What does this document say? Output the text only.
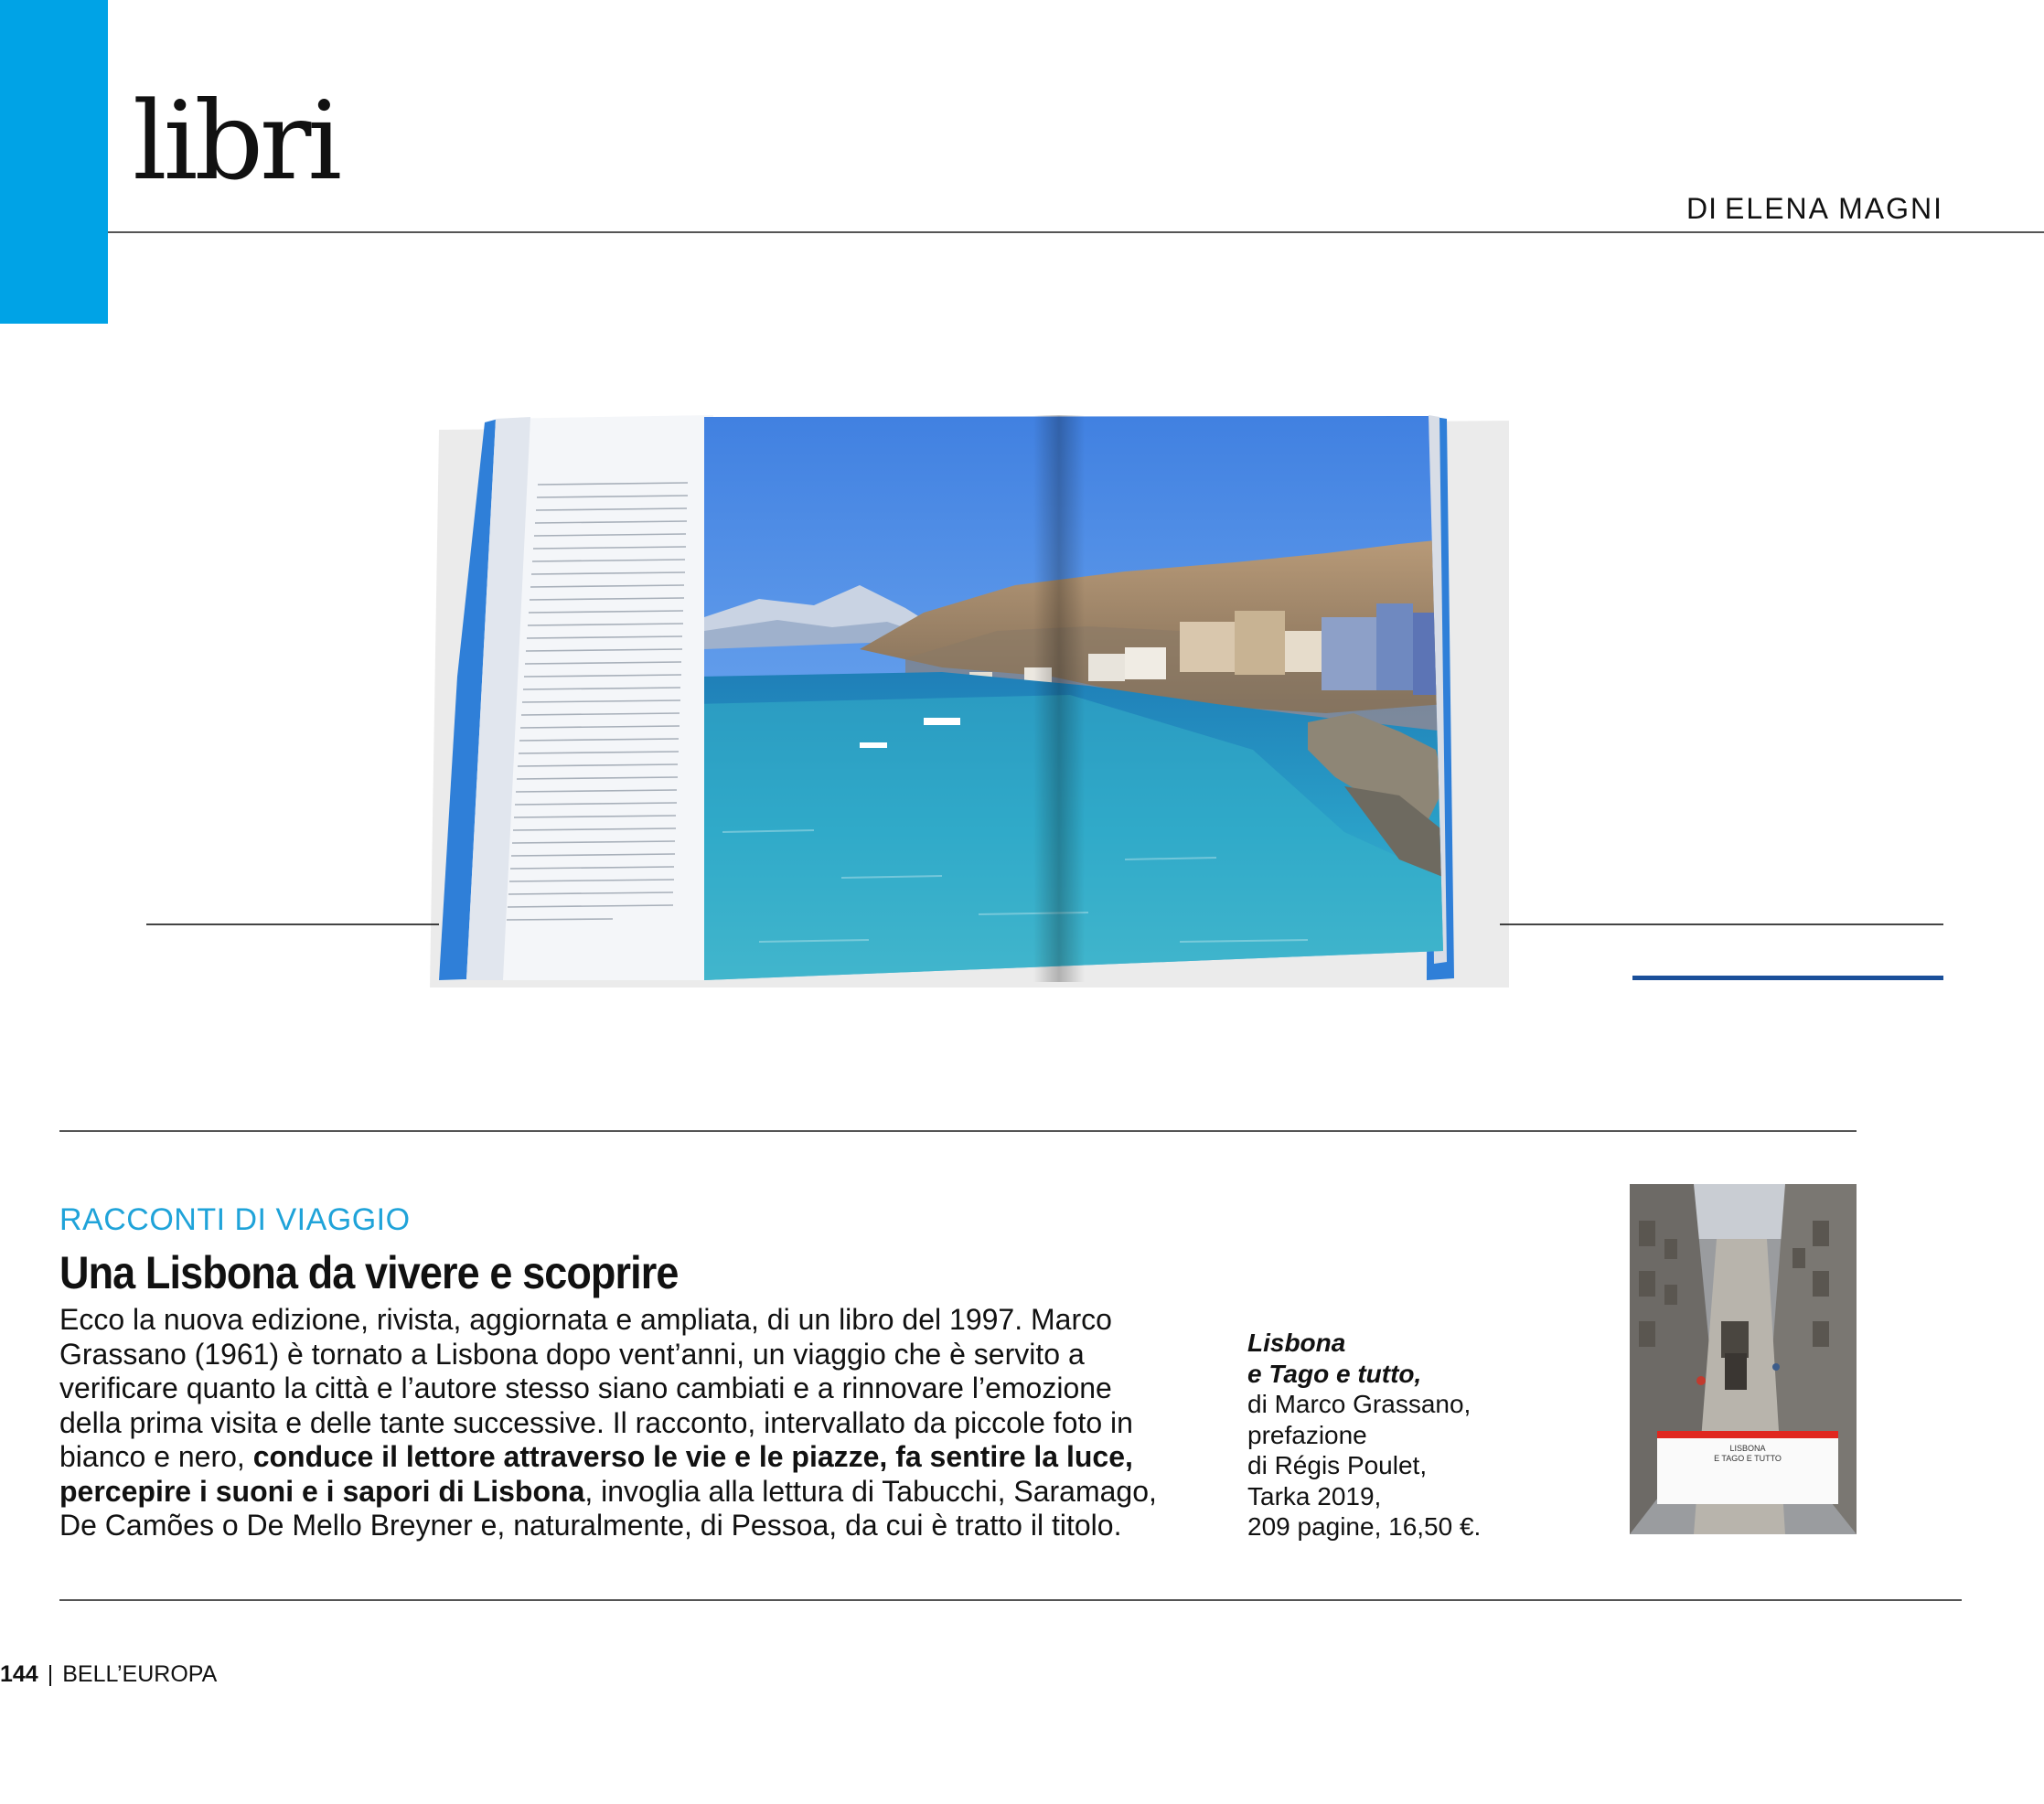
libri
DI ELENA MAGNI
RACCONTI DI VIAGGIO
Una Lisbona da vivere e scoprire

Ecco la nuova edizione, rivista, aggiornata e ampliata, di un libro del 1997. Marco Grassano (1961) è tornato a Lisbona dopo vent’anni, un viaggio che è servito a verificare quanto la città e l’autore stesso siano cambiati e a rinnovare l’emozione della prima visita e delle tante successive. Il racconto, intervallato da piccole foto in bianco e nero, conduce il lettore attraverso le vie e le piazze, fa sentire la luce, percepire i suoni e i sapori di Lisbona, invoglia alla lettura di Tabucchi, Saramago, De Camões o De Mello Breyner e, naturalmente, di Pessoa, da cui è tratto il titolo.

Lisbona
e Tago e tutto,
di Marco Grassano,
prefazione
di Régis Poulet,
Tarka 2019,
209 pagine, 16,50 €.
LISBONA
E TAGO E TUTTO
144 | BELL’EUROPA
